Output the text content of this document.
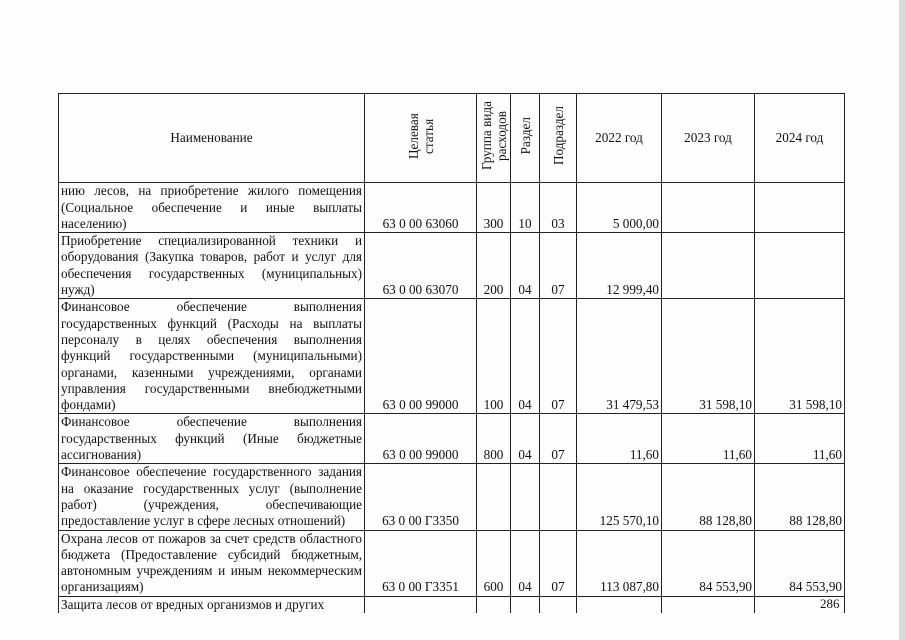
Наименование	Целевая статья	Группа вида расходов	Раздел	Подраздел	2022 год	2023 год	2024 год
нию лесов, на приобретение жилого помещения (Социальное обеспечение и иные выплаты населению)	63 0 00 63060	300	10	03	5 000,00		
Приобретение специализированной техники и оборудования (Закупка товаров, работ и услуг для обеспечения государственных (муниципальных) нужд)	63 0 00 63070	200	04	07	12 999,40		
Финансовое обеспечение выполнения государственных функций (Расходы на выплаты персоналу в целях обеспечения выполнения функций государственными (муниципальными) органами, казенными учреждениями, органами управления государственными внебюджетными фондами)	63 0 00 99000	100	04	07	31 479,53	31 598,10	31 598,10
Финансовое обеспечение выполнения государственных функций (Иные бюджетные ассигнования)	63 0 00 99000	800	04	07	11,60	11,60	11,60
Финансовое обеспечение государственного задания на оказание государственных услуг (выполнение работ) (учреждения, обеспечивающие предоставление услуг в сфере лесных отношений)	63 0 00 Г3350				125 570,10	88 128,80	88 128,80
Охрана лесов от пожаров за счет средств областного бюджета (Предоставление субсидий бюджетным, автономным учреждениям и иным некоммерческим организациям)	63 0 00 Г3351	600	04	07	113 087,80	84 553,90	84 553,90
Защита лесов от вредных организмов и других								286
